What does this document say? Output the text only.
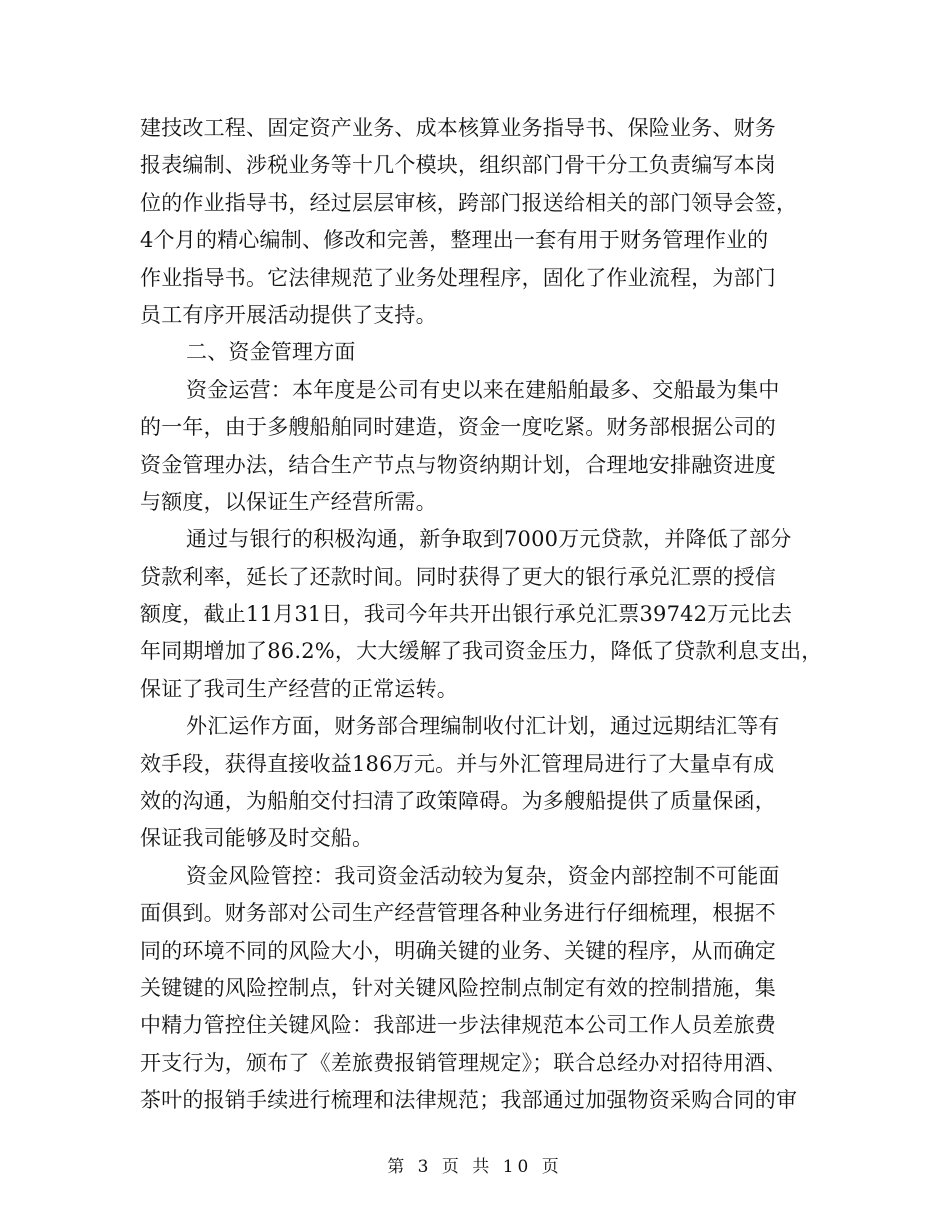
建技改工程、固定资产业务、成本核算业务指导书、保险业务、财务
报表编制、涉税业务等十几个模块，组织部门骨干分工负责编写本岗
位的作业指导书，经过层层审核，跨部门报送给相关的部门领导会签，
4个月的精心编制、修改和完善，整理出一套有用于财务管理作业的
作业指导书。它法律规范了业务处理程序，固化了作业流程，为部门
员工有序开展活动提供了支持。
二、资金管理方面
资金运营：本年度是公司有史以来在建船舶最多、交船最为集中
的一年，由于多艘船舶同时建造，资金一度吃紧。财务部根据公司的
资金管理办法，结合生产节点与物资纳期计划，合理地安排融资进度
与额度，以保证生产经营所需。
通过与银行的积极沟通，新争取到7000万元贷款，并降低了部分
贷款利率，延长了还款时间。同时获得了更大的银行承兑汇票的授信
额度，截止11月31日，我司今年共开出银行承兑汇票39742万元比去
年同期增加了86.2%，大大缓解了我司资金压力，降低了贷款利息支出，
保证了我司生产经营的正常运转。
外汇运作方面，财务部合理编制收付汇计划，通过远期结汇等有
效手段，获得直接收益186万元。并与外汇管理局进行了大量卓有成
效的沟通，为船舶交付扫清了政策障碍。为多艘船提供了质量保函，
保证我司能够及时交船。
资金风险管控：我司资金活动较为复杂，资金内部控制不可能面
面俱到。财务部对公司生产经营管理各种业务进行仔细梳理，根据不
同的环境不同的风险大小，明确关键的业务、关键的程序，从而确定
关键键的风险控制点，针对关键风险控制点制定有效的控制措施，集
中精力管控住关键风险：我部进一步法律规范本公司工作人员差旅费
开支行为，颁布了《差旅费报销管理规定》；联合总经办对招待用酒、
茶叶的报销手续进行梳理和法律规范；我部通过加强物资采购合同的审
第 3 页 共 10 页
